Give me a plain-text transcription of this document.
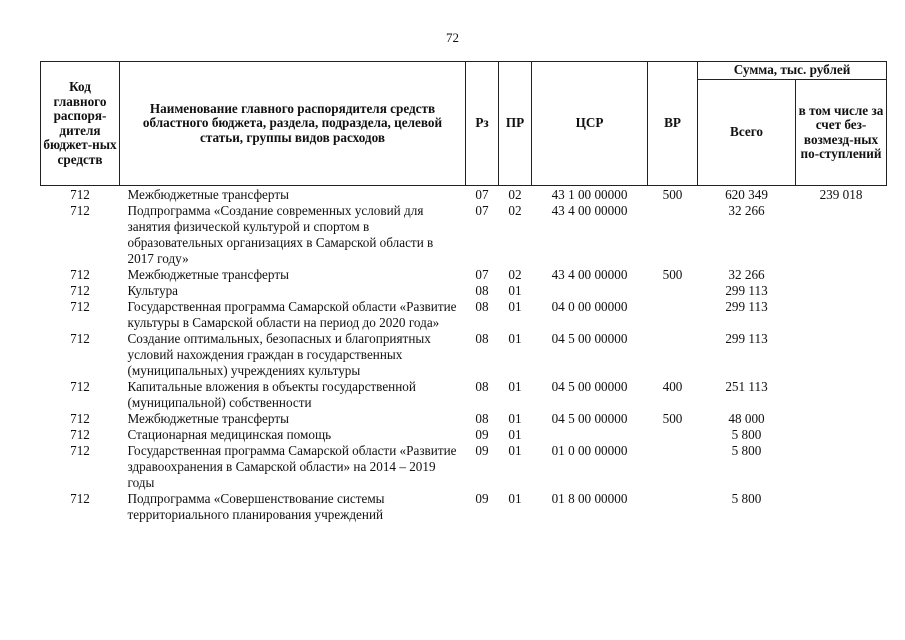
72
Код главного распоря-дителя бюджет-ных средств	Наименование главного распорядителя средств областного бюджета, раздела, подраздела, целевой статьи, группы видов расходов	Рз	ПР	ЦСР	ВР	Сумма, тыс. рублей	
						Всего	в том числе за счет без-возмезд-ных по-ступлений
712	Межбюджетные трансферты	07	02	43 1 00 00000	500	620 349	239 018
712	Подпрограмма «Создание современных условий для занятия физической культурой и спортом в образовательных организациях в Самарской области в 2017 году»	07	02	43 4 00 00000		32 266	
712	Межбюджетные трансферты	07	02	43 4 00 00000	500	32 266	
712	Культура	08	01			299 113	
712	Государственная программа Самарской области «Развитие культуры в Самарской области на период до 2020 года»	08	01	04 0 00 00000		299 113	
712	Создание оптимальных, безопасных и благоприятных условий нахождения граждан в государственных (муниципальных) учреждениях культуры	08	01	04 5 00 00000		299 113	
712	Капитальные вложения в объекты государственной (муниципальной) собственности	08	01	04 5 00 00000	400	251 113	
712	Межбюджетные трансферты	08	01	04 5 00 00000	500	48 000	
712	Стационарная медицинская помощь	09	01			5 800	
712	Государственная программа Самарской области «Развитие здравоохранения в Самарской области» на 2014 – 2019 годы	09	01	01 0 00 00000		5 800	
712	Подпрограмма «Совершенствование системы территориального планирования учреждений	09	01	01 8 00 00000		5 800	
